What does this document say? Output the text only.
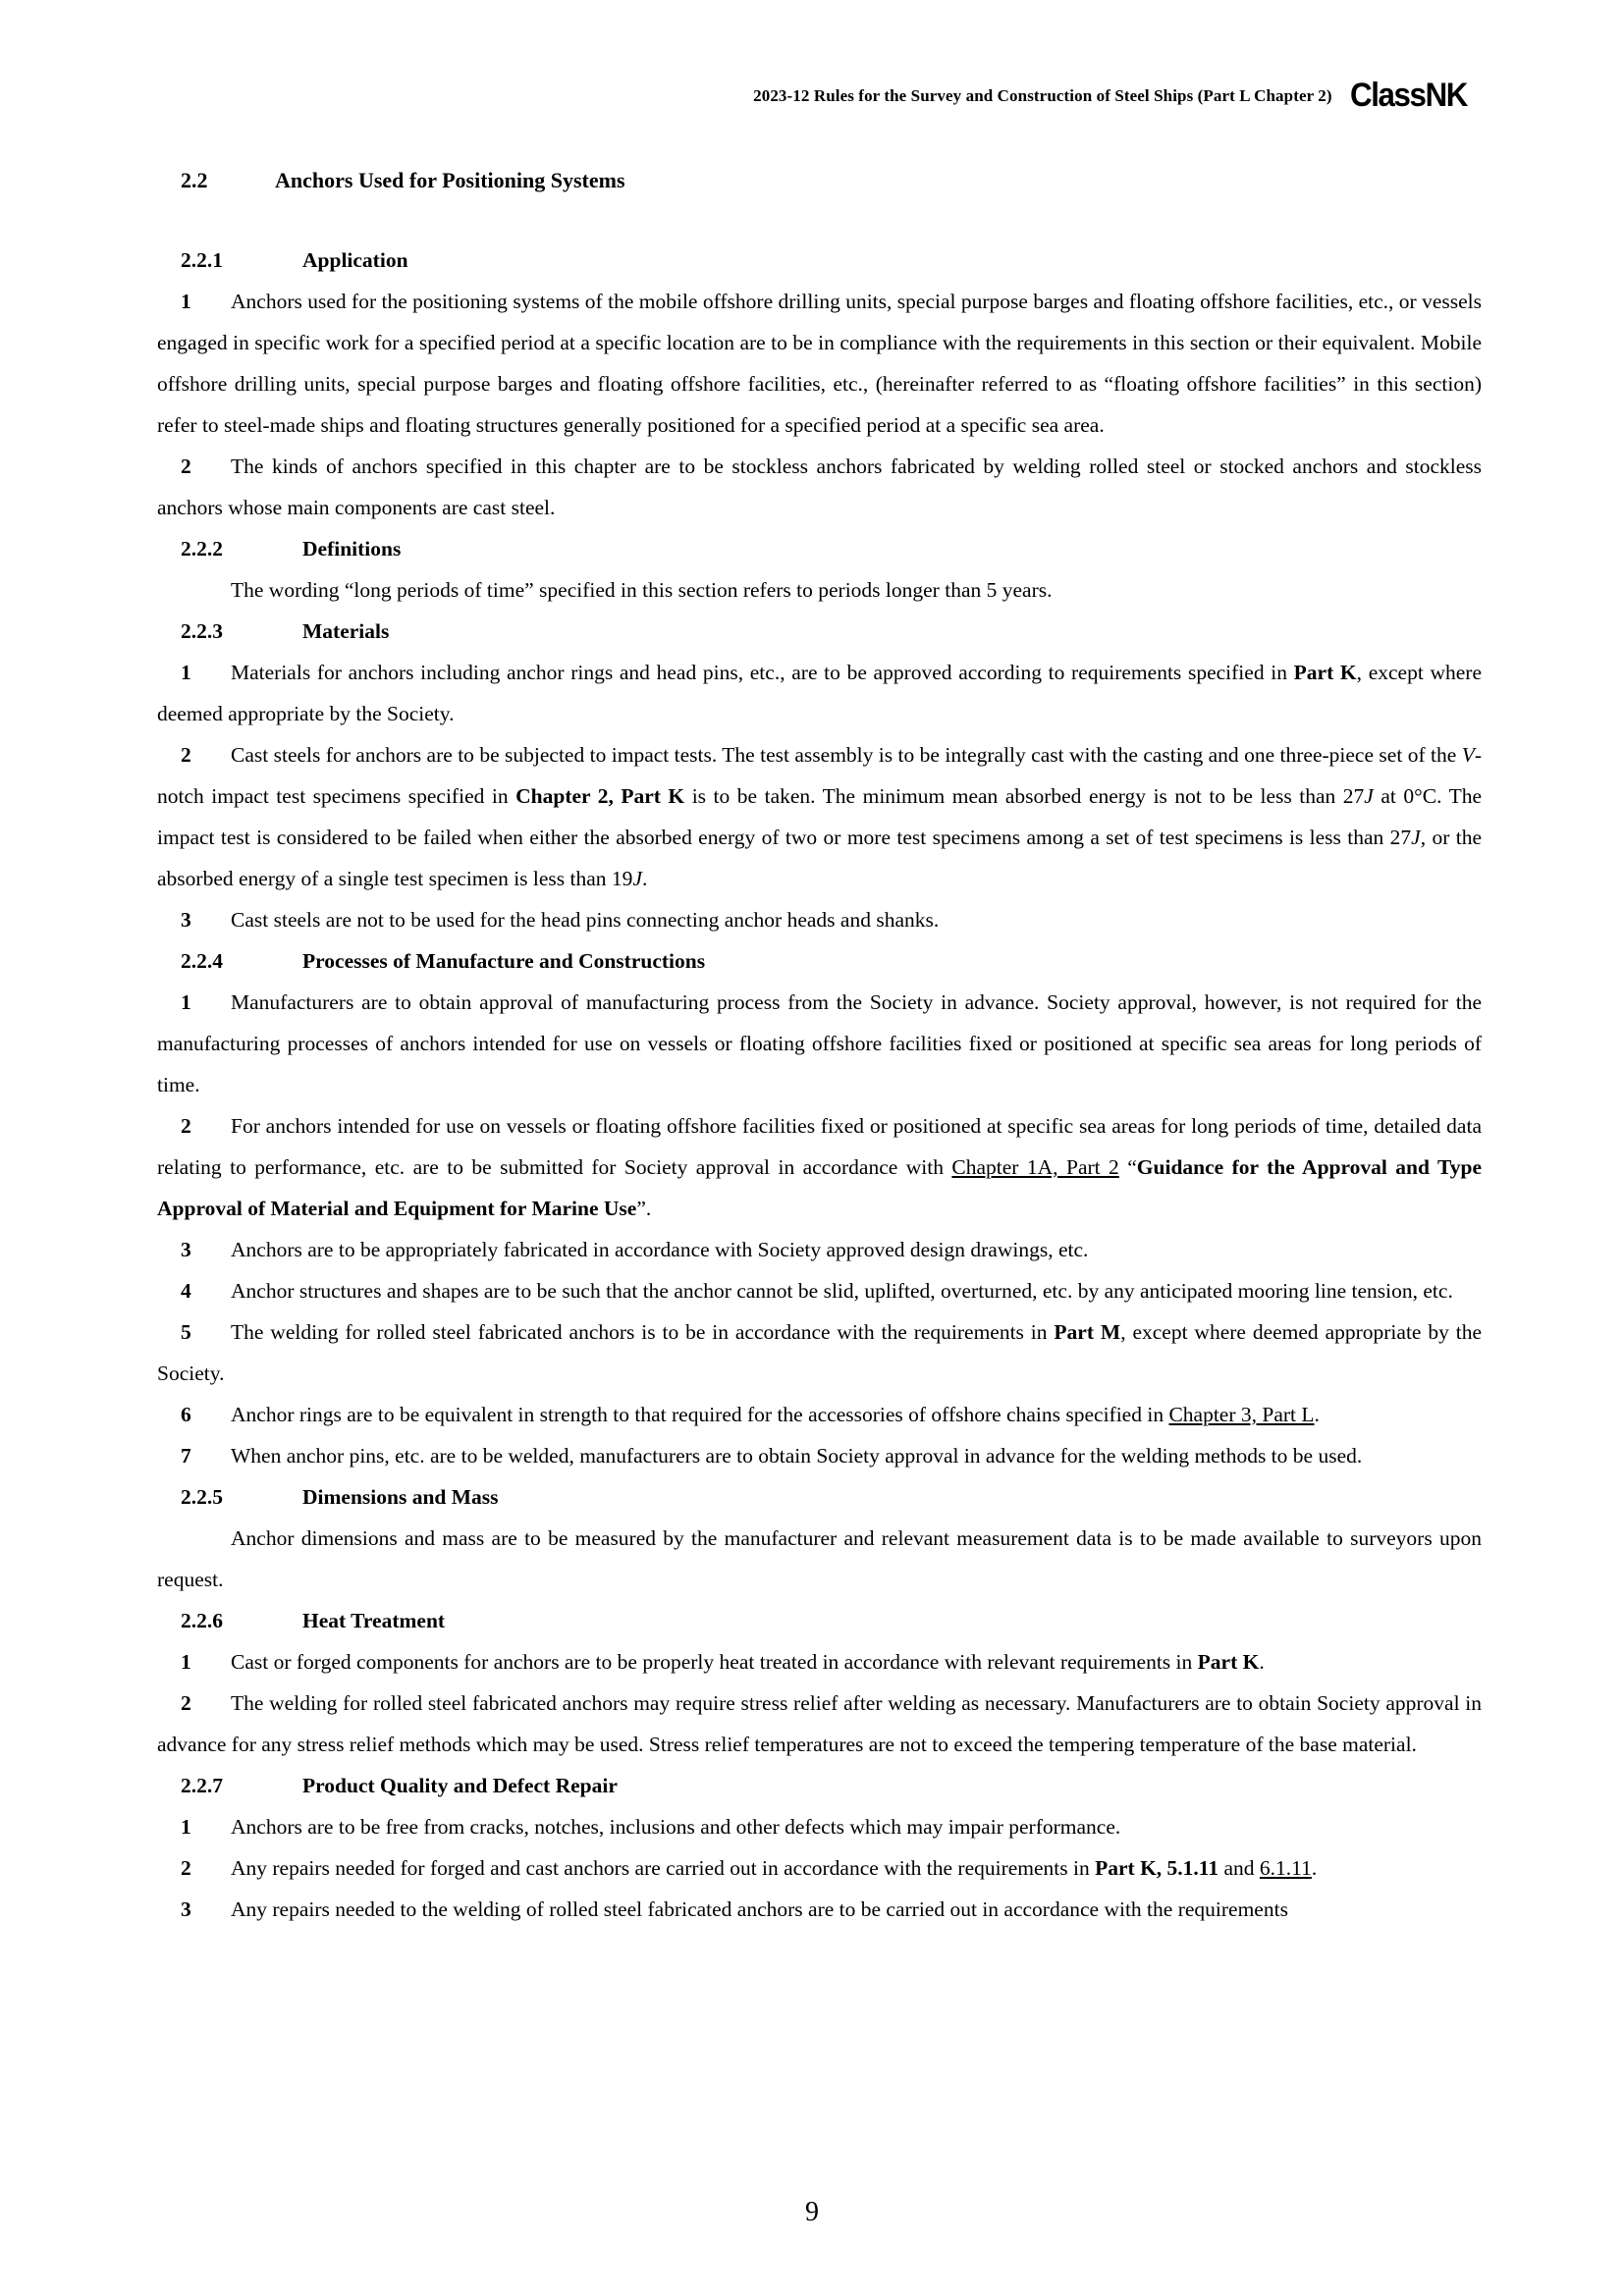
2023-12 Rules for the Survey and Construction of Steel Ships (Part L Chapter 2) ClassNK
2.2	Anchors Used for Positioning Systems
2.2.1	Application

1 Anchors used for the positioning systems of the mobile offshore drilling units, special purpose barges and floating offshore facilities, etc., or vessels engaged in specific work for a specified period at a specific location are to be in compliance with the requirements in this section or their equivalent. Mobile offshore drilling units, special purpose barges and floating offshore facilities, etc., (hereinafter referred to as “floating offshore facilities” in this section) refer to steel-made ships and floating structures generally positioned for a specified period at a specific sea area.

2 The kinds of anchors specified in this chapter are to be stockless anchors fabricated by welding rolled steel or stocked anchors and stockless anchors whose main components are cast steel.

2.2.2	Definitions

The wording “long periods of time” specified in this section refers to periods longer than 5 years.

2.2.3	Materials

1 Materials for anchors including anchor rings and head pins, etc., are to be approved according to requirements specified in Part K, except where deemed appropriate by the Society.

2 Cast steels for anchors are to be subjected to impact tests. The test assembly is to be integrally cast with the casting and one three-piece set of the V-notch impact test specimens specified in Chapter 2, Part K is to be taken. The minimum mean absorbed energy is not to be less than 27J at 0°C. The impact test is considered to be failed when either the absorbed energy of two or more test specimens among a set of test specimens is less than 27J, or the absorbed energy of a single test specimen is less than 19J.

3 Cast steels are not to be used for the head pins connecting anchor heads and shanks.

2.2.4	Processes of Manufacture and Constructions

1 Manufacturers are to obtain approval of manufacturing process from the Society in advance. Society approval, however, is not required for the manufacturing processes of anchors intended for use on vessels or floating offshore facilities fixed or positioned at specific sea areas for long periods of time.

2 For anchors intended for use on vessels or floating offshore facilities fixed or positioned at specific sea areas for long periods of time, detailed data relating to performance, etc. are to be submitted for Society approval in accordance with Chapter 1A, Part 2 “Guidance for the Approval and Type Approval of Material and Equipment for Marine Use”.

3 Anchors are to be appropriately fabricated in accordance with Society approved design drawings, etc.

4 Anchor structures and shapes are to be such that the anchor cannot be slid, uplifted, overturned, etc. by any anticipated mooring line tension, etc.

5 The welding for rolled steel fabricated anchors is to be in accordance with the requirements in Part M, except where deemed appropriate by the Society.

6 Anchor rings are to be equivalent in strength to that required for the accessories of offshore chains specified in Chapter 3, Part L.

7 When anchor pins, etc. are to be welded, manufacturers are to obtain Society approval in advance for the welding methods to be used.

2.2.5	Dimensions and Mass

Anchor dimensions and mass are to be measured by the manufacturer and relevant measurement data is to be made available to surveyors upon request.

2.2.6	Heat Treatment

1 Cast or forged components for anchors are to be properly heat treated in accordance with relevant requirements in Part K.

2 The welding for rolled steel fabricated anchors may require stress relief after welding as necessary. Manufacturers are to obtain Society approval in advance for any stress relief methods which may be used. Stress relief temperatures are not to exceed the tempering temperature of the base material.

2.2.7	Product Quality and Defect Repair

1 Anchors are to be free from cracks, notches, inclusions and other defects which may impair performance.

2 Any repairs needed for forged and cast anchors are carried out in accordance with the requirements in Part K, 5.1.11 and 6.1.11.

3 Any repairs needed to the welding of rolled steel fabricated anchors are to be carried out in accordance with the requirements

9
